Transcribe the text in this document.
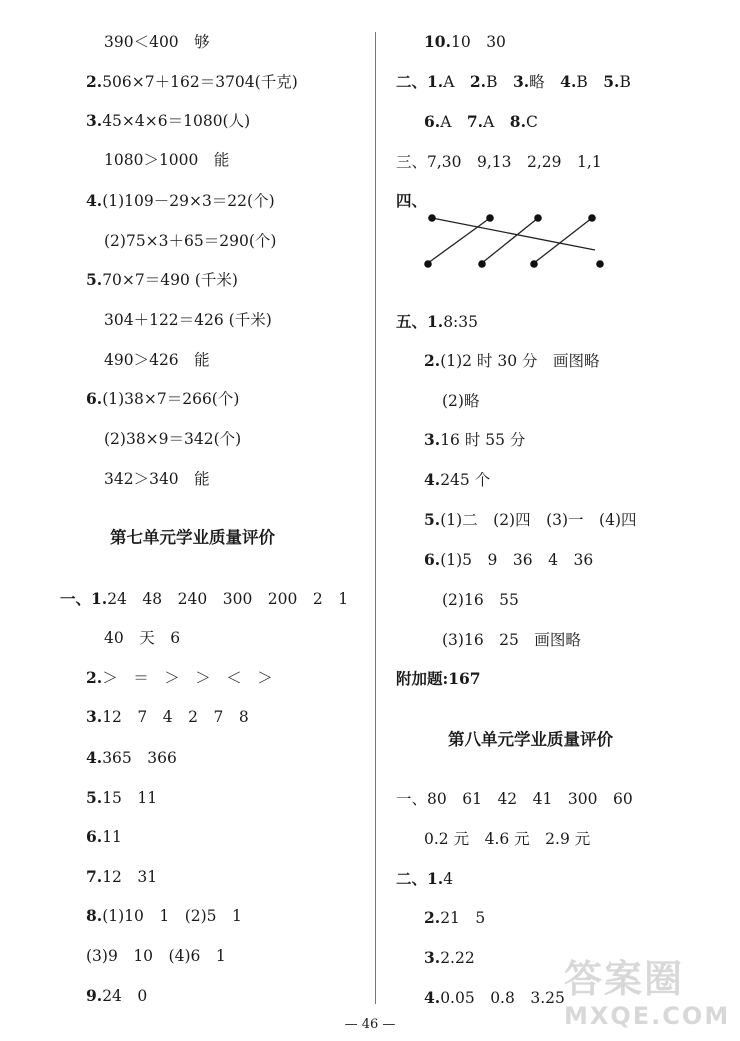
390＜400　够
2.506×7＋162＝3704(千克)
3.45×4×6＝1080(人)
1080＞1000　能
4.(1)109－29×3＝22(个)
(2)75×3＋65＝290(个)
5.70×7＝490 (千米)
304＋122＝426 (千米)
490＞426　能
6.(1)38×7＝266(个)
(2)38×9＝342(个)
342＞340　能
第七单元学业质量评价
一、1.24　48　240　300　200　2　1
40　天　6
2.＞　＝　＞　＞　＜　＞
3.12　7　4　2　7　8
4.365　366
5.15　11
6.11
7.12　31
8.(1)10　1　(2)5　1
(3)9　10　(4)6　1
9.24　0
10.10　30
二、1.A　2.B　3.略　4.B　5.B
6.A　7.A　8.C
三、7,30　9,13　2,29　1,1
四、
五、1.8:35
2.(1)2 时 30 分　画图略
(2)略
3.16 时 55 分
4.245 个
5.(1)二　(2)四　(3)一　(4)四
6.(1)5　9　36　4　36
(2)16　55
(3)16　25　画图略
附加题:167
第八单元学业质量评价
一、80　61　42　41　300　60
0.2 元　4.6 元　2.9 元
二、1.4
2.21　5
3.2.22
4.0.05　0.8　3.25 答案圈
MXQE.COM
— 46 —
